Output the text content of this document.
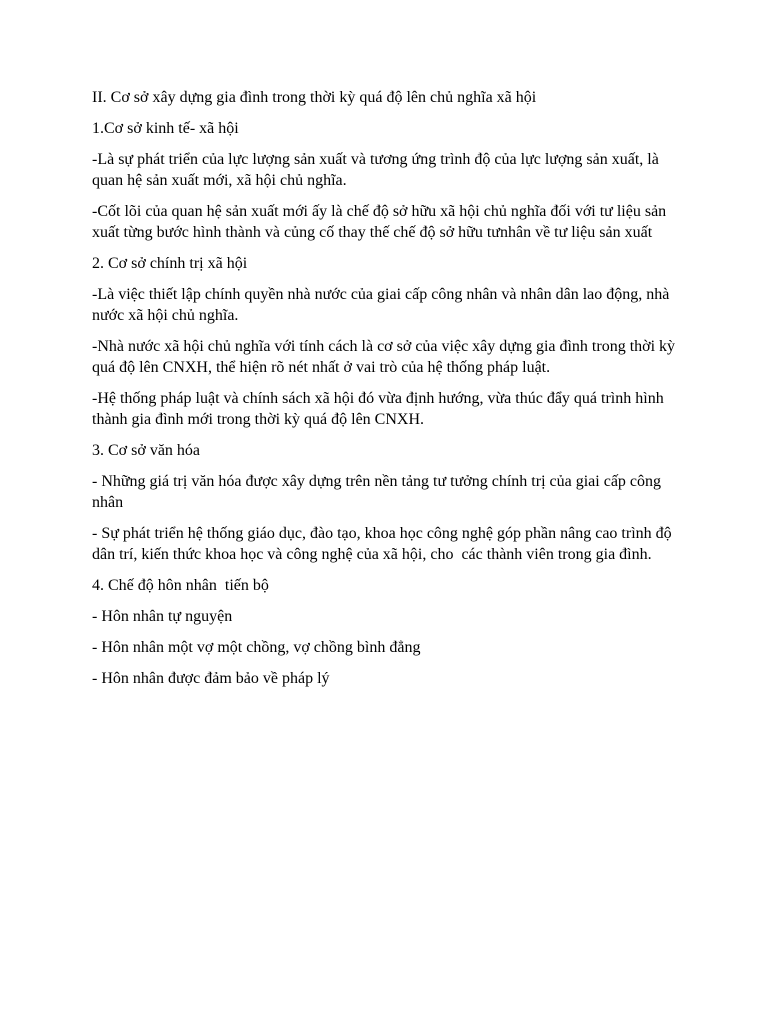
II. Cơ sở xây dựng gia đình trong thời kỳ quá độ lên chủ nghĩa xã hội

1.Cơ sở kinh tế- xã hội

-Là sự phát triển của lực lượng sản xuất và tương ứng trình độ của lực lượng sản xuất, là quan hệ sản xuất mới, xã hội chủ nghĩa.

-Cốt lõi của quan hệ sản xuất mới ấy là chế độ sở hữu xã hội chủ nghĩa đối với tư liệu sản xuất từng bước hình thành và củng cố thay thế chế độ sở hữu tưnhân về tư liệu sản xuất

2. Cơ sở chính trị xã hội

-Là việc thiết lập chính quyền nhà nước của giai cấp công nhân và nhân dân lao động, nhà nước xã hội chủ nghĩa.

-Nhà nước xã hội chủ nghĩa với tính cách là cơ sở của việc xây dựng gia đình trong thời kỳ quá độ lên CNXH, thể hiện rõ nét nhất ở vai trò của hệ thống pháp luật.

-Hệ thống pháp luật và chính sách xã hội đó vừa định hướng, vừa thúc đẩy quá trình hình thành gia đình mới trong thời kỳ quá độ lên CNXH.

3. Cơ sở văn hóa

- Những giá trị văn hóa được xây dựng trên nền tảng tư tưởng chính trị của giai cấp công nhân

- Sự phát triển hệ thống giáo dục, đào tạo, khoa học công nghệ góp phần nâng cao trình độ dân trí, kiến thức khoa học và công nghệ của xã hội, cho  các thành viên trong gia đình.

4. Chế độ hôn nhân  tiến bộ

- Hôn nhân tự nguyện

- Hôn nhân một vợ một chồng, vợ chồng bình đẳng

- Hôn nhân được đảm bảo về pháp lý
